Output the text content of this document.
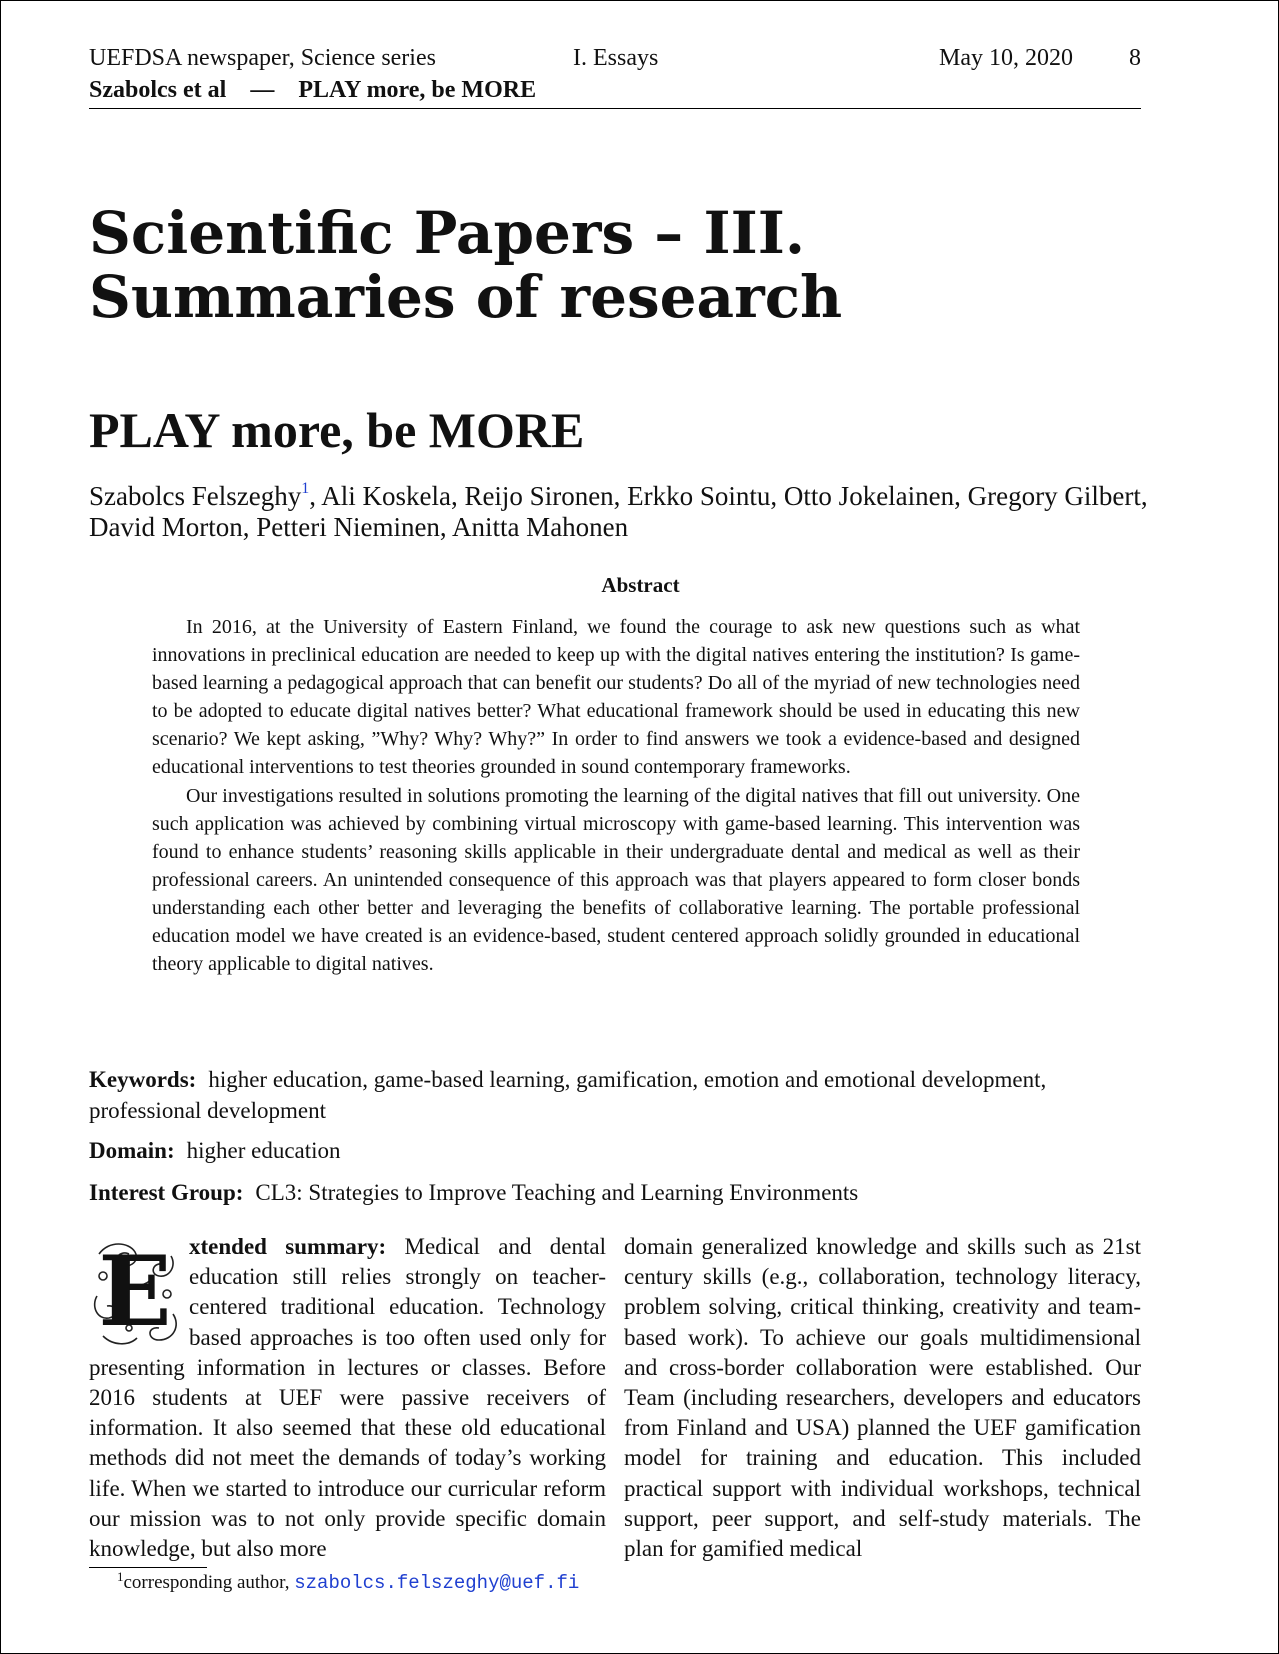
UEFDSA newspaper, Science series	I. Essays	May 10, 2020 8
Szabolcs et al — PLAY more, be MORE
Scientific Papers – III. Summaries of research
PLAY more, be MORE
Szabolcs Felszeghy$^1$, Ali Koskela, Reijo Sironen, Erkko Sointu, Otto Jokelainen, Gregory Gilbert, David Morton, Petteri Nieminen, Anitta Mahonen
Abstract

In 2016, at the University of Eastern Finland, we found the courage to ask new questions such as what innovations in preclinical education are needed to keep up with the digital natives entering the institution? Is game-based learning a pedagogical approach that can benefit our students? Do all of the myriad of new technologies need to be adopted to educate digital natives better? What educational framework should be used in educating this new scenario? We kept asking, ”Why? Why? Why?” In order to find answers we took a evidence-based and designed educational interventions to test theories grounded in sound contemporary frameworks.

Our investigations resulted in solutions promoting the learning of the digital natives that fill out university. One such application was achieved by combining virtual microscopy with game-based learning. This intervention was found to enhance students’ reasoning skills applicable in their undergraduate dental and medical as well as their professional careers. An unintended consequence of this approach was that players appeared to form closer bonds understanding each other better and leveraging the benefits of collaborative learning. The portable professional education model we have created is an evidence-based, student centered approach solidly grounded in educational theory applicable to digital natives.

Keywords: higher education, game-based learning, gamification, emotion and emotional development, professional development
Domain: higher education
Interest Group: CL3: Strategies to Improve Teaching and Learning Environments
E xtended summary: Medical and dental education still relies strongly on teacher-centered traditional education. Technology based approaches is too often used only for presenting information in lectures or classes. Before 2016 students at UEF were passive receivers of information. It also seemed that these old educational methods did not meet the demands of today’s working life. When we started to introduce our curricular reform our mission was to not only provide specific domain knowledge, but also more
domain generalized knowledge and skills such as 21st century skills (e.g., collaboration, technology literacy, problem solving, critical thinking, creativity and team-based work). To achieve our goals multidimensional and cross-border collaboration were established. Our Team (including researchers, developers and educators from Finland and USA) planned the UEF gamification model for training and education. This included practical support with individual workshops, technical support, peer support, and self-study materials. The plan for gamified medical
$^1$corresponding author, szabolcs.felszeghy@uef.fi
